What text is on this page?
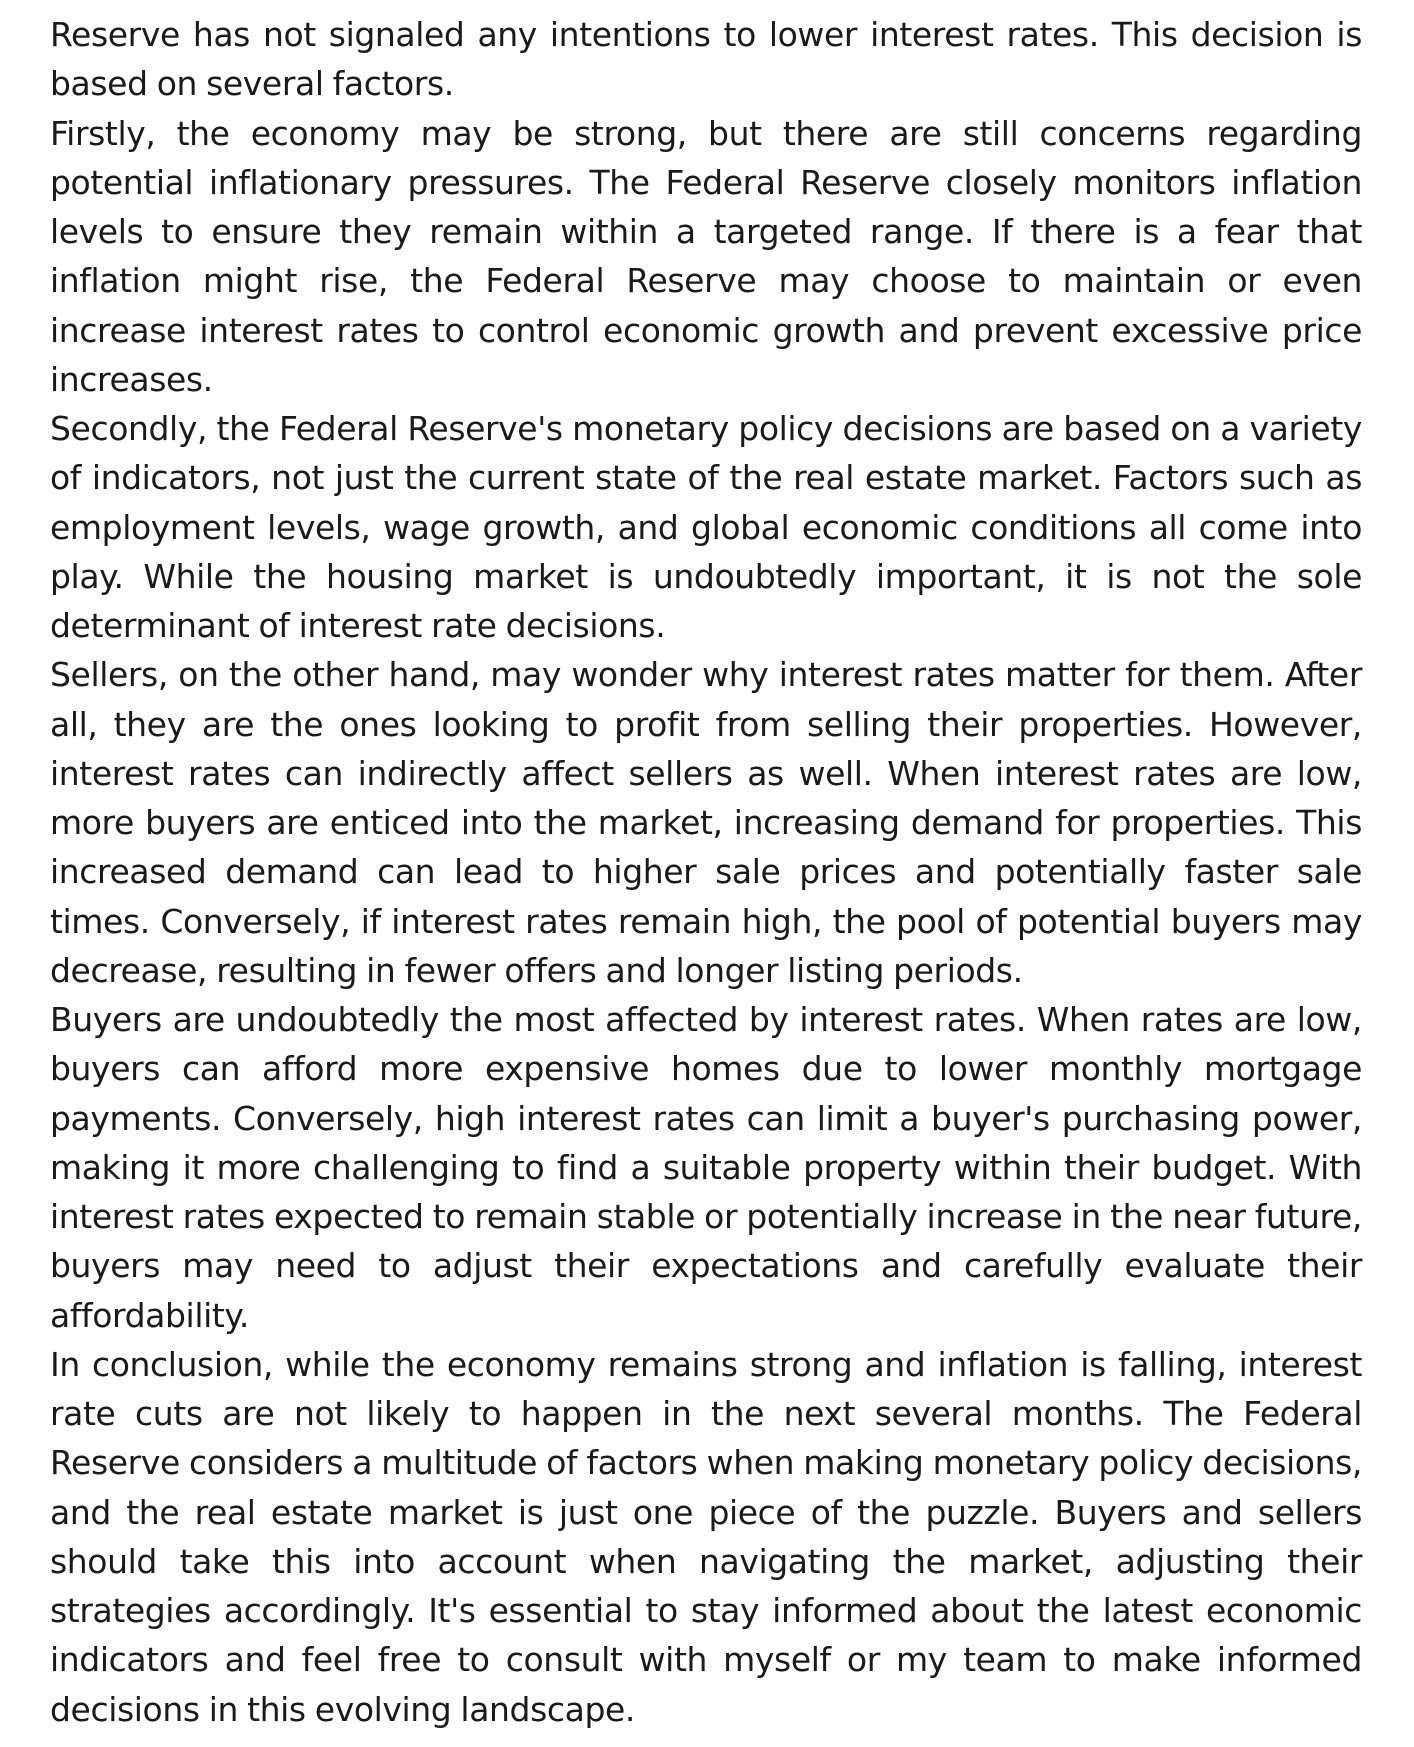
Reserve has not signaled any intentions to lower interest rates. This decision is based on several factors.

Firstly, the economy may be strong, but there are still concerns regarding potential inflationary pressures. The Federal Reserve closely monitors inflation levels to ensure they remain within a targeted range. If there is a fear that inflation might rise, the Federal Reserve may choose to maintain or even increase interest rates to control economic growth and prevent excessive price increases.

Secondly, the Federal Reserve's monetary policy decisions are based on a variety of indicators, not just the current state of the real estate market. Factors such as employment levels, wage growth, and global economic conditions all come into play. While the housing market is undoubtedly important, it is not the sole determinant of interest rate decisions.

Sellers, on the other hand, may wonder why interest rates matter for them. After all, they are the ones looking to profit from selling their properties. However, interest rates can indirectly affect sellers as well. When interest rates are low, more buyers are enticed into the market, increasing demand for properties. This increased demand can lead to higher sale prices and potentially faster sale times. Conversely, if interest rates remain high, the pool of potential buyers may decrease, resulting in fewer offers and longer listing periods.

Buyers are undoubtedly the most affected by interest rates. When rates are low, buyers can afford more expensive homes due to lower monthly mortgage payments. Conversely, high interest rates can limit a buyer's purchasing power, making it more challenging to find a suitable property within their budget. With interest rates expected to remain stable or potentially increase in the near future, buyers may need to adjust their expectations and carefully evaluate their affordability.

In conclusion, while the economy remains strong and inflation is falling, interest rate cuts are not likely to happen in the next several months. The Federal Reserve considers a multitude of factors when making monetary policy decisions, and the real estate market is just one piece of the puzzle. Buyers and sellers should take this into account when navigating the market, adjusting their strategies accordingly. It's essential to stay informed about the latest economic indicators and feel free to consult with myself or my team to make informed decisions in this evolving landscape.
